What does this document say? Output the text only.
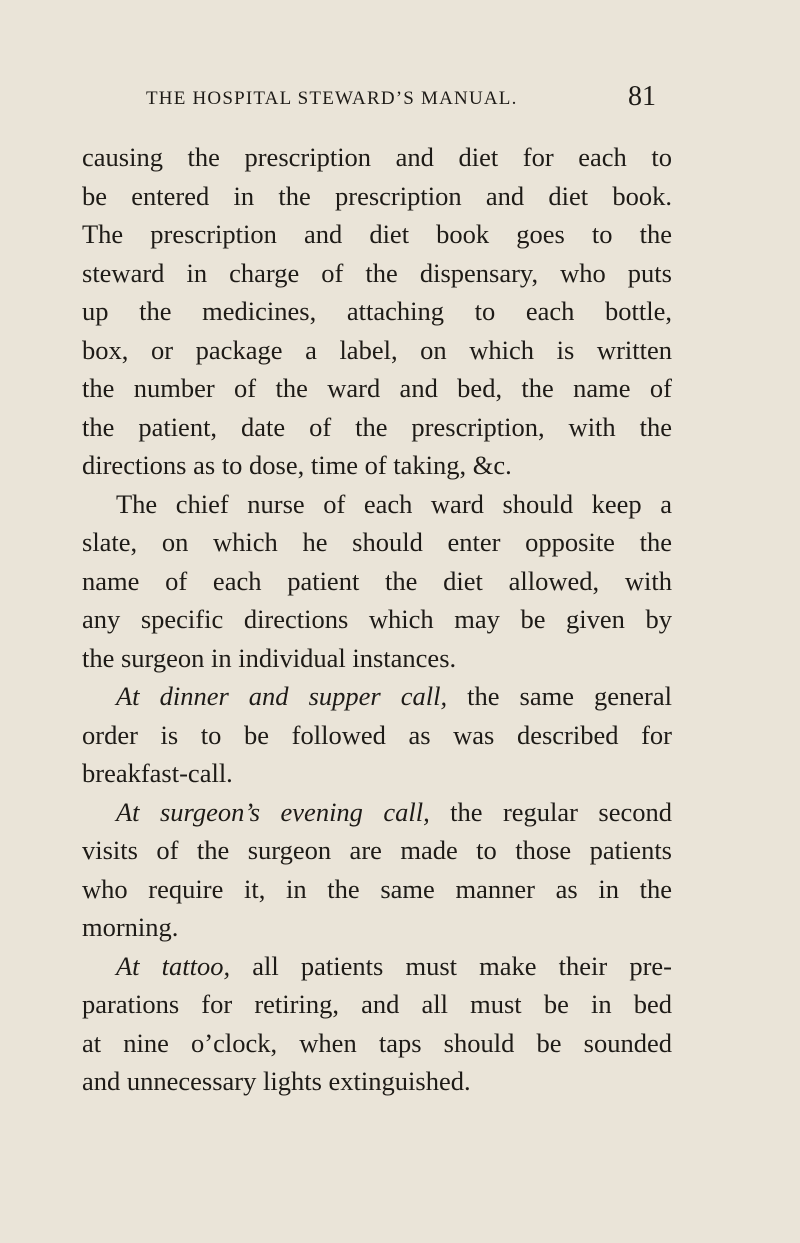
THE HOSPITAL STEWARD’S MANUAL.	81
causing the prescription and diet for each to
be entered in the prescription and diet book.
The prescription and diet book goes to the
steward in charge of the dispensary, who puts
up the medicines, attaching to each bottle,
box, or package a label, on which is written
the number of the ward and bed, the name of
the patient, date of the prescription, with the
directions as to dose, time of taking, &c.
The chief nurse of each ward should keep a
slate, on which he should enter opposite the
name of each patient the diet allowed, with
any specific directions which may be given by
the surgeon in individual instances.
At dinner and supper call, the same general
order is to be followed as was described for
breakfast-call.
At surgeon’s evening call, the regular second
visits of the surgeon are made to those patients
who require it, in the same manner as in the
morning.
At tattoo, all patients must make their pre-
parations for retiring, and all must be in bed
at nine o’clock, when taps should be sounded
and unnecessary lights extinguished.
